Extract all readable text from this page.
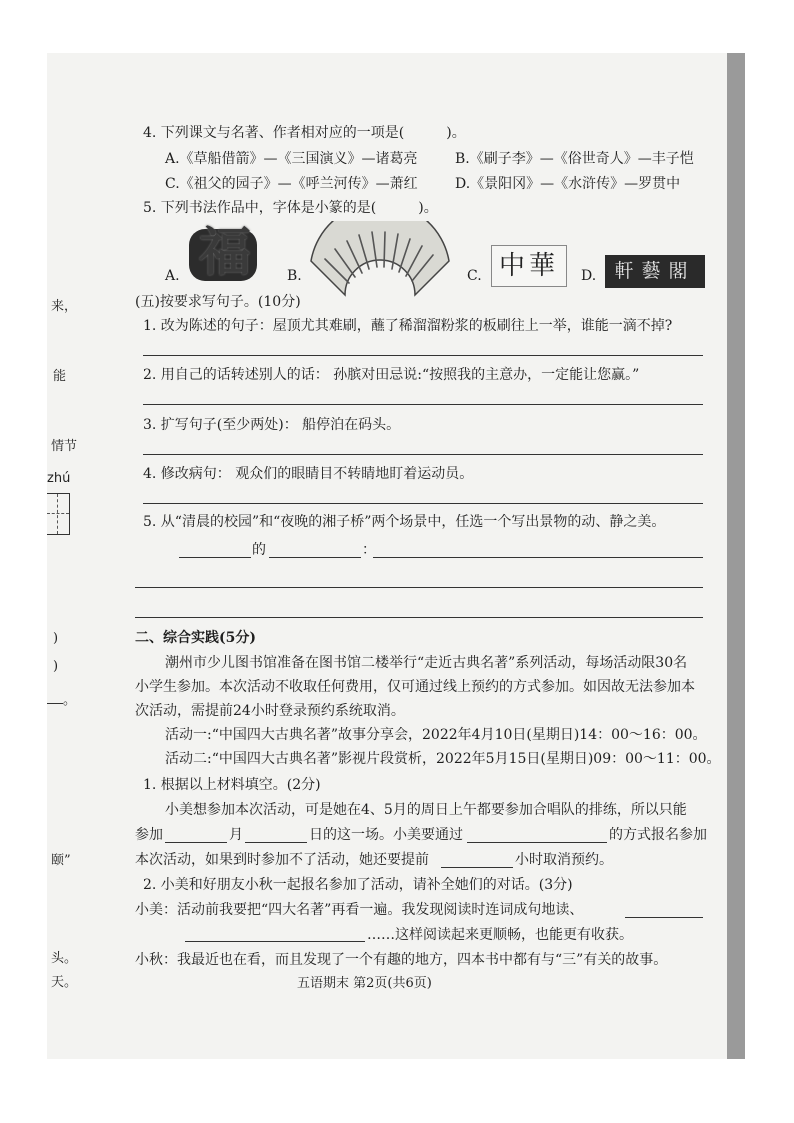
来，
能
情节
zhú
)
)
。
颐”
头。
天。
4. 下列课文与名著、作者相对应的一项是(　　　)。
A.《草船借箭》—《三国演义》—诸葛亮	B.《刷子李》—《俗世奇人》—丰子恺
C.《祖父的园子》—《呼兰河传》—萧红	D.《景阳冈》—《水浒传》—罗贯中
5. 下列书法作品中，字体是小篆的是(　　　)。
A. 福	B.	C. 中華	D. 軒藝閣
(五)按要求写句子。(10分)
1. 改为陈述的句子：屋顶尤其难刷，蘸了稀溜溜粉浆的板刷往上一举，谁能一滴不掉?
2. 用自己的话转述别人的话： 孙膑对田忌说:“按照我的主意办，一定能让您赢。”
3. 扩写句子(至少两处)： 船停泊在码头。
4. 修改病句： 观众们的眼睛目不转睛地盯着运动员。
5. 从“清晨的校园”和“夜晚的湘子桥”两个场景中，任选一个写出景物的动、静之美。
的	：
二、综合实践(5分)
潮州市少儿图书馆准备在图书馆二楼举行“走近古典名著”系列活动，每场活动限30名
小学生参加。本次活动不收取任何费用，仅可通过线上预约的方式参加。如因故无法参加本
次活动，需提前24小时登录预约系统取消。
活动一:“中国四大古典名著”故事分享会，2022年4月10日(星期日)14：00～16：00。
活动二:“中国四大古典名著”影视片段赏析，2022年5月15日(星期日)09：00～11：00。
1. 根据以上材料填空。(2分)
小美想参加本次活动，可是她在4、5月的周日上午都要参加合唱队的排练，所以只能
参加	月	日的这一场。小美要通过	的方式报名参加
本次活动，如果到时参加不了活动，她还要提前	小时取消预约。
2. 小美和好朋友小秋一起报名参加了活动，请补全她们的对话。(3分)
小美：活动前我要把“四大名著”再看一遍。我发现阅读时连词成句地读、
……这样阅读起来更顺畅，也能更有收获。
小秋：我最近也在看，而且发现了一个有趣的地方，四本书中都有与“三”有关的故事。
五语期末 第2页(共6页)
